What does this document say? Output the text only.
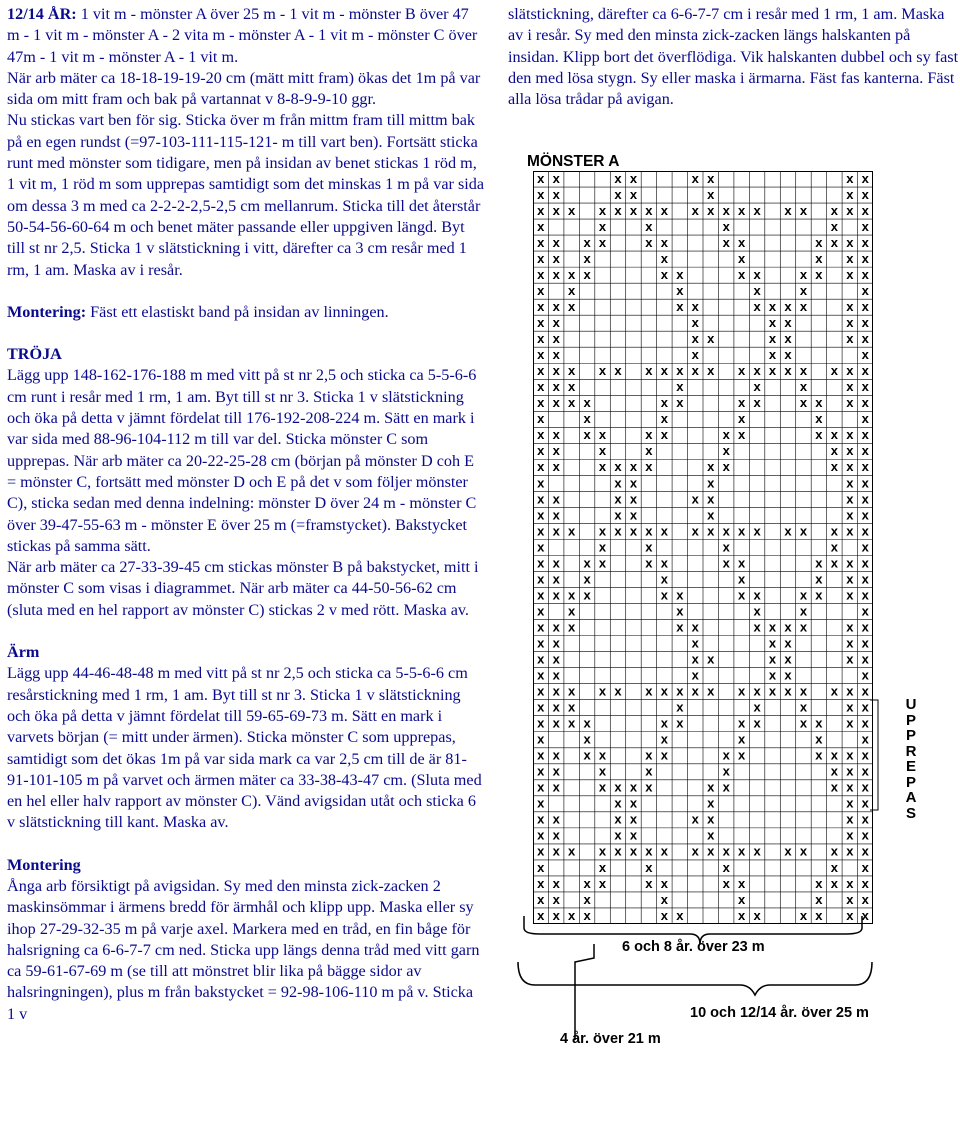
12/14 ÅR: 1 vit m - mönster A över 25 m - 1 vit m - mönster B över 47 m - 1 vit m - mönster A - 2 vita m - mönster A - 1 vit m - mönster C över 47m - 1 vit m - mönster A - 1 vit m.

När arb mäter ca 18-18-19-19-20 cm (mätt mitt fram) ökas det 1m på var sida om mitt fram och bak på vartannat v 8-8-9-9-10 ggr.

Nu stickas vart ben för sig. Sticka över m från mittm fram till mittm bak på en egen rundst (=97-103-111-115-121- m till vart ben). Fortsätt sticka runt med mönster som tidigare, men på insidan av benet stickas 1 röd m, 1 vit m, 1 röd m som upprepas samtidigt som det minskas 1 m på var sida om dessa 3 m med ca 2-2-2-2,5-2,5 cm mellanrum. Sticka till det återstår 50-54-56-60-64 m och benet mäter passande eller uppgiven längd. Byt till st nr 2,5. Sticka 1 v slätstickning i vitt, därefter ca 3 cm resår med 1 rm, 1 am. Maska av i resår.

Montering: Fäst ett elastiskt band på insidan av linningen.

TRÖJA

Lägg upp 148-162-176-188 m med vitt på st nr 2,5 och sticka ca 5-5-6-6 cm runt i resår med 1 rm, 1 am. Byt till st nr 3. Sticka 1 v slätstickning och öka på detta v jämnt fördelat till 176-192-208-224 m. Sätt en mark i var sida med 88-96-104-112 m till var del. Sticka mönster C som upprepas. När arb mäter ca 20-22-25-28 cm (början på mönster D coh E = mönster C, fortsätt med mönster D och E på det v som följer mönster C), sticka sedan med denna indelning: mönster D över 24 m - mönster C över 39-47-55-63 m - mönster E över 25 m (=framstycket). Bakstycket stickas på samma sätt.

När arb mäter ca 27-33-39-45 cm stickas mönster B på bakstycket, mitt i mönster C som visas i diagrammet. När arb mäter ca 44-50-56-62 cm (sluta med en hel rapport av mönster C) stickas 2 v med rött. Maska av.

Ärm

Lägg upp 44-46-48-48 m med vitt på st nr 2,5 och sticka ca 5-5-6-6 cm resårstickning med 1 rm, 1 am. Byt till st nr 3. Sticka 1 v slätstickning och öka på detta v jämnt fördelat till 59-65-69-73 m. Sätt en mark i varvets början (= mitt under ärmen). Sticka mönster C som upprepas, samtidigt som det ökas 1m på var sida mark ca var 2,5 cm till de är 81-91-101-105 m på varvet och ärmen mäter ca 33-38-43-47 cm. (Sluta med en hel eller halv rapport av mönster C). Vänd avigsidan utåt och sticka 6 v slätstickning till kant. Maska av.

Montering

Ånga arb försiktigt på avigsidan. Sy med den minsta zick-zacken 2 maskinsömmar i ärmens bredd för ärmhål och klipp upp. Maska eller sy ihop 27-29-32-35 m på varje axel. Markera med en tråd, en fin båge för halsrigning ca 6-6-7-7 cm ned. Sticka upp längs denna tråd med vitt garn ca 59-61-67-69 m (se till att mönstret blir lika på bägge sidor av halsringningen), plus m från bakstycket = 92-98-106-110 m på v. Sticka 1 v

slätstickning, därefter ca 6-6-7-7 cm i resår med 1 rm, 1 am. Maska av i resår. Sy med den minsta zick-zacken längs halskanten på insidan. Klipp bort det överflödiga. Vik halskanten dubbel och sy fast den med lösa stygn. Sy eller maska i ärmarna. Fäst fas kanterna. Fäst alla lösa trådar på avigan.

MÖNSTER A
x x	x x	x x	x x
x x	x x	x	x x
x x x x x x x x x x x x x x x x x x
x	x	x	x	x x
x x x x	x x	x x	x x x x
x x x	x	x	x x x
x x x x	x x	x x	x x x x
x x	x	x	x	x
x x x	x x	x x x x	x x
x x	x	x x	x x
x x	x x	x x	x x
x x	x	x x	x
x x x x x x x x x x x x x x x x x x
x x x	x	x	x	x x
x x x x	x x	x x	x x x x
x	x	x	x	x	x
x x x x	x x	x x	x x x x
x x	x	x	x	x x x
x x	x x x x	x x	x x x
x	x x	x	x x
x x	x x	x x	x x
x x	x x	x	x x
x x x x x x x x x x x x x x x x x x
x	x	x	x	x x
x x x x	x x	x x	x x x x
x x x	x	x	x x x
x x x x	x x	x x	x x x x
x x	x	x	x	x
x x x	x x	x x x x	x x
x x	x	x x	x x
x x	x x	x x	x x
x x	x	x x	x
x x x x x x x x x x x x x x x x x x
x x x	x	x	x	x x
x x x x	x x	x x	x x x x
x	x	x	x	x	x
x x x x	x x	x x	x x x x
x x	x	x	x	x x x
x x	x x x x	x x	x x x
x	x x	x	x x
x x	x x	x x	x x
x x	x x	x	x x
x x x x x x x x x x x x x x x x x x
x	x	x	x	x x
x x x x	x x	x x	x x x x
x x x	x	x	x x x
x x x x	x x	x x	x x x x
U
P
P
R
E
P
A
S
6 och 8 år. över 23 m
4 år. över 21 m
10 och 12/14 år. över 25 m
